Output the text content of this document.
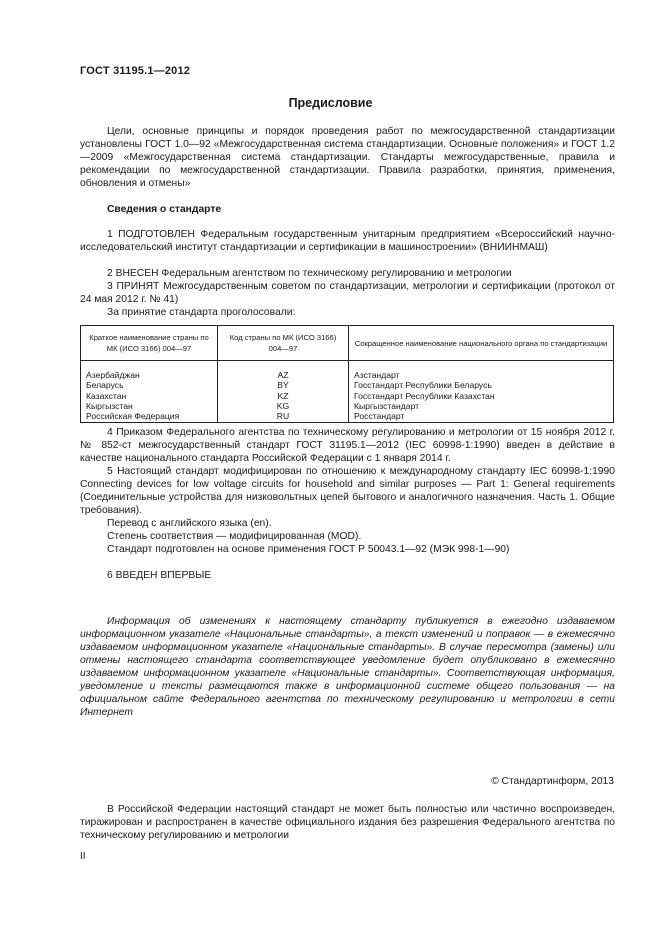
ГОСТ 31195.1—2012
Предисловие
Цели, основные принципы и порядок проведения работ по межгосударственной стандартизации установлены ГОСТ 1.0—92 «Межгосударственная система стандартизации. Основные положения» и ГОСТ 1.2—2009 «Межгосударственная система стандартизации. Стандарты межгосударственные, правила и рекомендации по межгосударственной стандартизации. Правила разработки, принятия, применения, обновления и отмены»
Сведения о стандарте
1 ПОДГОТОВЛЕН Федеральным государственным унитарным предприятием «Всероссийский научно-исследовательский институт стандартизации и сертификации в машиностроении» (ВНИИНМАШ)
2 ВНЕСЕН Федеральным агентством по техническому регулированию и метрологии
3 ПРИНЯТ Межгосударственным советом по стандартизации, метрологии и сертификации (протокол от 24 мая 2012 г. № 41)
За принятие стандарта проголосовали:
Краткое наименование страны по МК (ИСО 3166) 004—97	Код страны по МК (ИСО 3166) 004—97	Сокращенное наименование национального органа по стандартизации
Азербайджан	AZ	Азстандарт
Беларусь	BY	Госстандарт Республики Беларусь
Казахстан	KZ	Госстандарт Республики Казахстан
Кыргызстан	KG	Кыргызстандарт
Российская Федерация	RU	Росстандарт
4 Приказом Федерального агентства по техническому регулированию и метрологии от 15 ноября 2012 г. № 852-ст межгосударственный стандарт ГОСТ 31195.1—2012 (IEC 60998-1:1990) введен в действие в качестве национального стандарта Российской Федерации с 1 января 2014 г.
5 Настоящий стандарт модифицирован по отношению к международному стандарту IEC 60998-1:1990 Connecting devices for low voltage circuits for household and similar purposes — Part 1: General requirements (Соединительные устройства для низковольтных цепей бытового и аналогичного назначения. Часть 1. Общие требования).
Перевод с английского языка (en).
Степень соответствия — модифицированная (MOD).
Стандарт подготовлен на основе применения ГОСТ Р 50043.1—92 (МЭК 998-1—90)
6 ВВЕДЕН ВПЕРВЫЕ
Информация об изменениях к настоящему стандарту публикуется в ежегодно издаваемом информационном указателе «Национальные стандарты», а текст изменений и поправок — в ежемесячно издаваемом информационном указателе «Национальные стандарты». В случае пересмотра (замены) или отмены настоящего стандарта соответствующее уведомление будет опубликовано в ежемесячно издаваемом информационном указателе «Национальные стандарты». Соответствующая информация, уведомление и тексты размещаются также в информационной системе общего пользования — на официальном сайте Федерального агентства по техническому регулированию и метрологии в сети Интернет
© Стандартинформ, 2013
В Российской Федерации настоящий стандарт не может быть полностью или частично воспроизведен, тиражирован и распространен в качестве официального издания без разрешения Федерального агентства по техническому регулированию и метрологии
II
